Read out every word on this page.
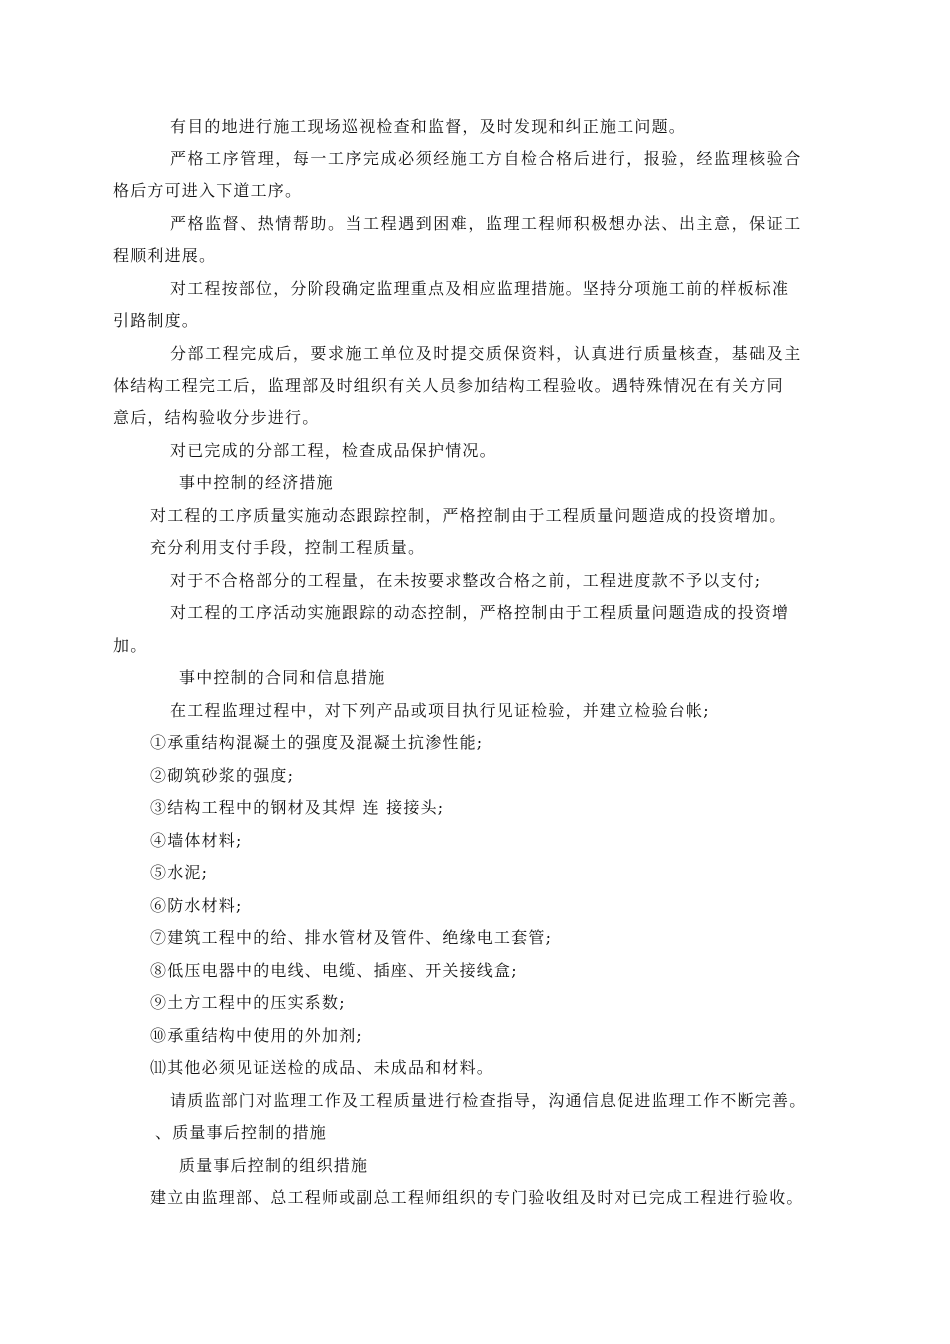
有目的地进行施工现场巡视检查和监督，及时发现和纠正施工问题。
严格工序管理，每一工序完成必须经施工方自检合格后进行，报验，经监理核验合
格后方可进入下道工序。
严格监督、热情帮助。当工程遇到困难，监理工程师积极想办法、出主意，保证工
程顺利进展。
对工程按部位，分阶段确定监理重点及相应监理措施。坚持分项施工前的样板标准
引路制度。
分部工程完成后，要求施工单位及时提交质保资料，认真进行质量核查，基础及主
体结构工程完工后，监理部及时组织有关人员参加结构工程验收。遇特殊情况在有关方同
意后，结构验收分步进行。
对已完成的分部工程，检查成品保护情况。
事中控制的经济措施
对工程的工序质量实施动态跟踪控制，严格控制由于工程质量问题造成的投资增加。
充分利用支付手段，控制工程质量。
对于不合格部分的工程量，在未按要求整改合格之前，工程进度款不予以支付;
对工程的工序活动实施跟踪的动态控制，严格控制由于工程质量问题造成的投资增
加。
事中控制的合同和信息措施
在工程监理过程中，对下列产品或项目执行见证检验，并建立检验台帐;
①承重结构混凝土的强度及混凝土抗渗性能;
②砌筑砂浆的强度;
③结构工程中的钢材及其焊 连 接接头;
④墙体材料;
⑤水泥;
⑥防水材料;
⑦建筑工程中的给、排水管材及管件、绝缘电工套管;
⑧低压电器中的电线、电缆、插座、开关接线盒;
⑨土方工程中的压实系数;
⑩承重结构中使用的外加剂;
⑾其他必须见证送检的成品、未成品和材料。
请质监部门对监理工作及工程质量进行检查指导，沟通信息促进监理工作不断完善。
、质量事后控制的措施
质量事后控制的组织措施
建立由监理部、总工程师或副总工程师组织的专门验收组及时对已完成工程进行验收。
